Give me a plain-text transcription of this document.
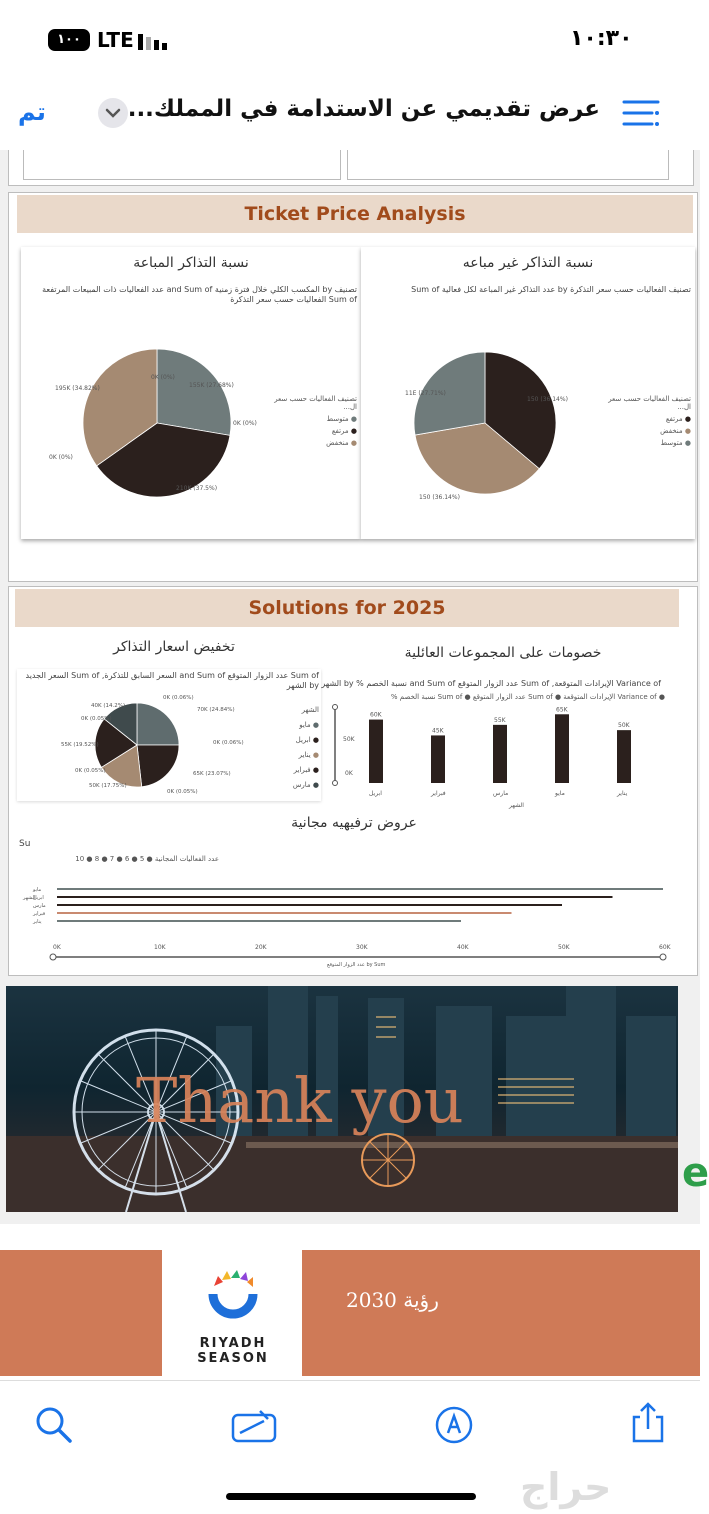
١٠٠ LTE	١٠:٣٠
تم	عرض تقديمي عن الاستدامة في المملك...
Ticket Price Analysis
نسبة التذاكر المباعة
تصنيف by المكسب الكلي خلال فترة زمنية and Sum of عدد الفعاليات ذات المبيعات المرتفعة Sum of الفعاليات حسب سعر التذكرة
0K (0%)
155K (27.68%)
0K (0%)
210K (37.5%)
0K (0%)
195K (34.82%)
تصنيف الفعاليات حسب سعر ال...
● متوسط
● مرتفع
● منخفض
نسبة التذاكر غير مباعه
تصنيف الفعاليات حسب سعر التذكرة by عدد التذاكر غير المباعة لكل فعالية Sum of
11E (27.71%)
150 (36.14%)
150 (36.14%)
تصنيف الفعاليات حسب سعر ال...
● مرتفع
● منخفض
● متوسط
Solutions for 2025
تخفيض اسعار التذاكر
Sum of عدد الزوار المتوقع and Sum of السعر السابق للتذكرة, Sum of السعر الجديد by الشهر
0K (0.06%)
70K (24.84%)
0K (0.06%)
65K (23.07%)
0K (0.05%)
50K (17.75%)
0K (0.05%)
55K (19.52%)
0K (0.05%)
40K (14.2%)	الشهر
● مايو
● ابريل
● يناير
● فبراير
● مارس
خصومات على المجموعات العائلية
Variance of الإيرادات المتوقعة, Sum of عدد الزوار المتوقع and Sum of نسبة الخصم % by الشهر
● Variance of الإيرادات المتوقعة ● Sum of عدد الزوار المتوقع ● Sum of نسبة الخصم %
50K
0K
60K
ابريل
45K
فبراير
55K
مارس
65K
مايو
50K
يناير
الشهر
عروض ترفيهيه مجانية
Su
عدد الفعاليات المجانية ● 5 ● 6 ● 7 ● 8 ● 10
الشهر
مايو
ابريل
مارس
فبراير
يناير
0K	10K	20K	30K	40K	50K	60K
عدد الزوار المتوقع by Sum
Thank you
e
RIYADH
SEASON
رؤية 2030
حراج
